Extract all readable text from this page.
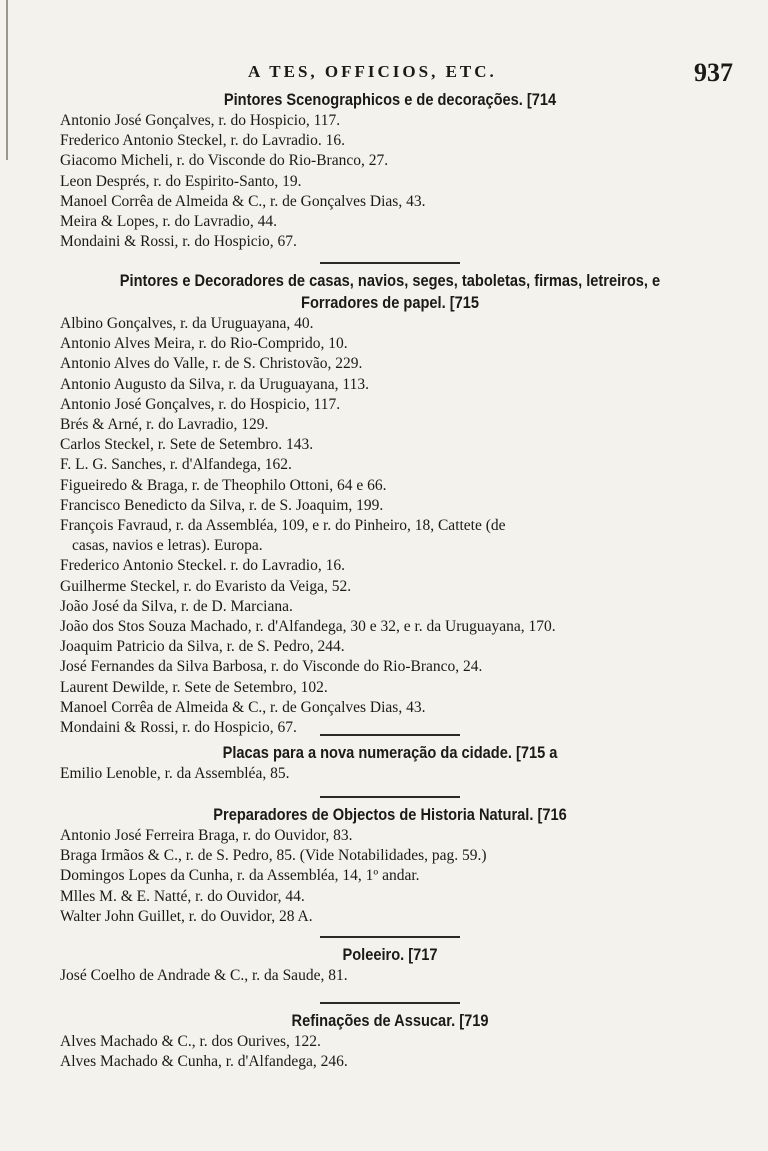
A TES, OFFICIOS, ETC.	937
Pintores Scenographicos e de decorações. [714
Antonio José Gonçalves, r. do Hospicio, 117.
Frederico Antonio Steckel, r. do Lavradio. 16.
Giacomo Micheli, r. do Visconde do Rio-Branco, 27.
Leon Després, r. do Espirito-Santo, 19.
Manoel Corrêa de Almeida & C., r. de Gonçalves Dias, 43.
Meira & Lopes, r. do Lavradio, 44.
Mondaini & Rossi, r. do Hospicio, 67.
Pintores e Decoradores de casas, navios, seges, taboletas, firmas, letreiros, e
Forradores de papel. [715
Albino Gonçalves, r. da Uruguayana, 40.
Antonio Alves Meira, r. do Rio-Comprido, 10.
Antonio Alves do Valle, r. de S. Christovão, 229.
Antonio Augusto da Silva, r. da Uruguayana, 113.
Antonio José Gonçalves, r. do Hospicio, 117.
Brés & Arné, r. do Lavradio, 129.
Carlos Steckel, r. Sete de Setembro. 143.
F. L. G. Sanches, r. d'Alfandega, 162.
Figueiredo & Braga, r. de Theophilo Ottoni, 64 e 66.
Francisco Benedicto da Silva, r. de S. Joaquim, 199.
François Favraud, r. da Assembléa, 109, e r. do Pinheiro, 18, Cattete (de
casas, navios e letras). Europa.
Frederico Antonio Steckel. r. do Lavradio, 16.
Guilherme Steckel, r. do Evaristo da Veiga, 52.
João José da Silva, r. de D. Marciana.
João dos Stos Souza Machado, r. d'Alfandega, 30 e 32, e r. da Uruguayana, 170.
Joaquim Patricio da Silva, r. de S. Pedro, 244.
José Fernandes da Silva Barbosa, r. do Visconde do Rio-Branco, 24.
Laurent Dewilde, r. Sete de Setembro, 102.
Manoel Corrêa de Almeida & C., r. de Gonçalves Dias, 43.
Mondaini & Rossi, r. do Hospicio, 67.
Placas para a nova numeração da cidade. [715 a
Emilio Lenoble, r. da Assembléa, 85.
Preparadores de Objectos de Historia Natural. [716
Antonio José Ferreira Braga, r. do Ouvidor, 83.
Braga Irmãos & C., r. de S. Pedro, 85. (Vide Notabilidades, pag. 59.)
Domingos Lopes da Cunha, r. da Assembléa, 14, 1º andar.
Mlles M. & E. Natté, r. do Ouvidor, 44.
Walter John Guillet, r. do Ouvidor, 28 A.
Poleeiro. [717
José Coelho de Andrade & C., r. da Saude, 81.
Refinações de Assucar. [719
Alves Machado & C., r. dos Ourives, 122.
Alves Machado & Cunha, r. d'Alfandega, 246.
